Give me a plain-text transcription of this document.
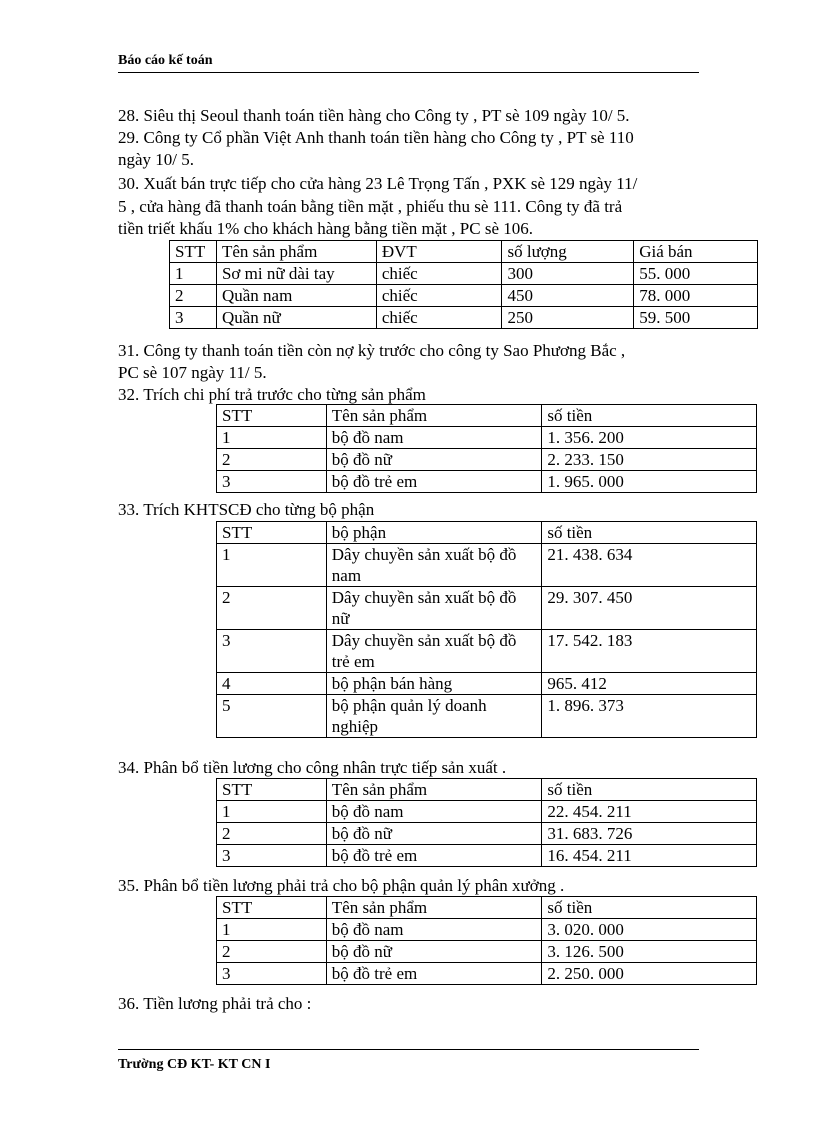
Báo cáo kế toán

28. Siêu thị Seoul thanh toán tiền hàng cho Công ty , PT sè 109 ngày 10/ 5.

29. Công ty Cổ phần Việt Anh thanh toán tiền hàng cho Công ty , PT sè 110

ngày 10/ 5.

30. Xuất bán trực tiếp cho cửa hàng 23 Lê Trọng Tấn , PXK sè 129 ngày 11/

5 , cửa hàng đã thanh toán bằng tiền mặt , phiếu thu sè 111. Công ty đã trả

tiền triết khấu 1% cho khách hàng bằng tiền mặt , PC sè 106.

STT	Tên sản phẩm	ĐVT	số lượng	Giá bán
1	Sơ mi nữ dài tay	chiếc	300	55. 000
2	Quần nam	chiếc	450	78. 000
3	Quần nữ	chiếc	250	59. 500

31. Công ty thanh toán tiền còn nợ kỳ trước cho công ty Sao Phương Bắc ,

PC sè 107 ngày 11/ 5.

32. Trích chi phí trả trước cho từng sản phẩm

STT	Tên sản phẩm	số tiền
1	bộ đồ nam	1. 356. 200
2	bộ đồ nữ	2. 233. 150
3	bộ đồ trẻ em	1. 965. 000

33. Trích KHTSCĐ cho từng bộ phận

STT	bộ phận	số tiền
1	Dây chuyền sản xuất bộ đồ nam	21. 438. 634
2	Dây chuyền sản xuất bộ đồ nữ	29. 307. 450
3	Dây chuyền sản xuất bộ đồ trẻ em	17. 542. 183
4	bộ phận bán hàng	965. 412
5	bộ phận quản lý doanh nghiệp	1. 896. 373

34. Phân bổ tiền lương cho công nhân trực tiếp sản xuất .

STT	Tên sản phẩm	số tiền
1	bộ đồ nam	22. 454. 211
2	bộ đồ nữ	31. 683. 726
3	bộ đồ trẻ em	16. 454. 211

35. Phân bổ tiền lương phải trả cho bộ phận quản lý phân xưởng .

STT	Tên sản phẩm	số tiền
1	bộ đồ nam	3. 020. 000
2	bộ đồ nữ	3. 126. 500
3	bộ đồ trẻ em	2. 250. 000

36. Tiền lương phải trả cho :

Trường CĐ KT- KT CN I
